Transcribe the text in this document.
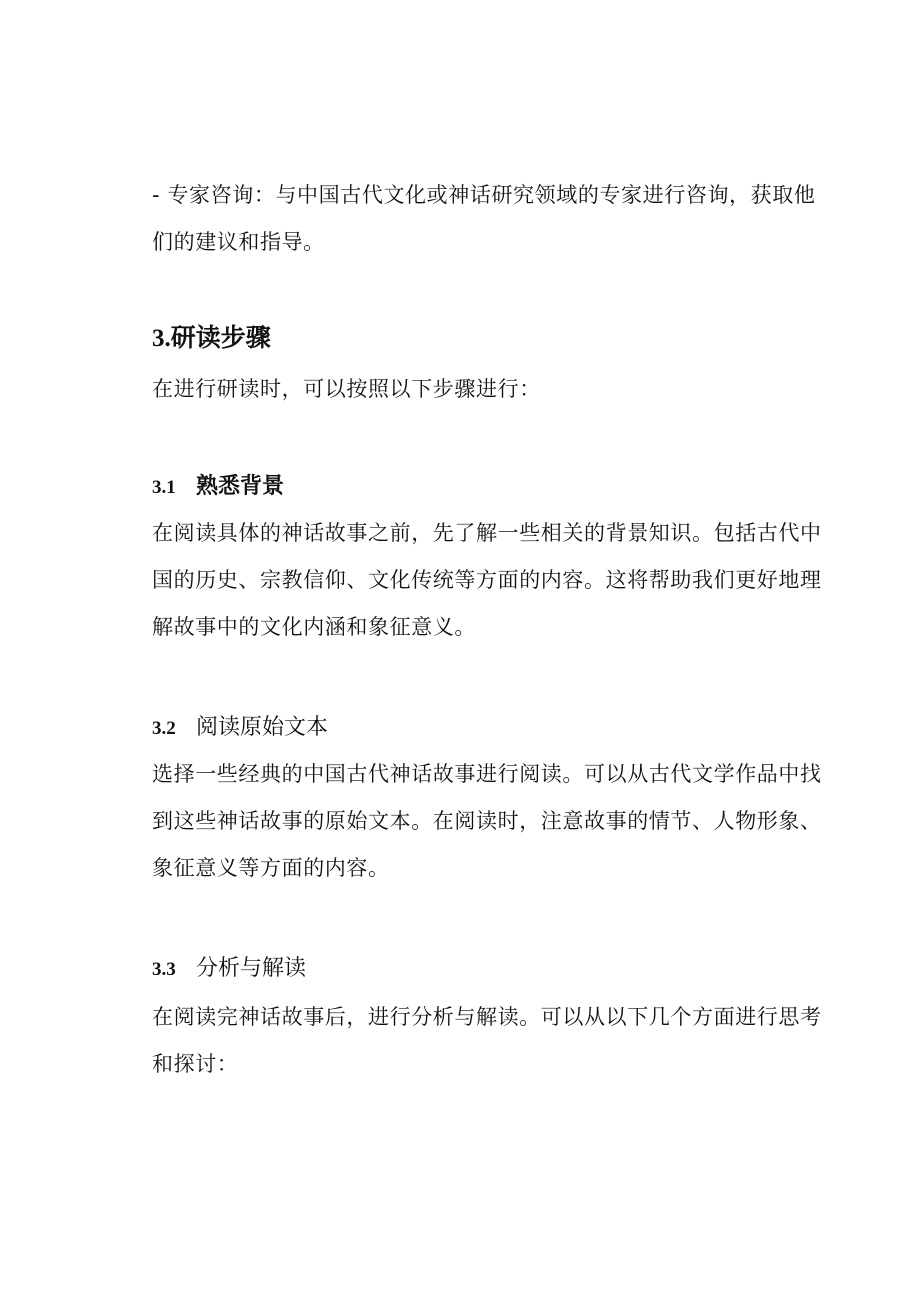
- 专家咨询：与中国古代文化或神话研究领域的专家进行咨询，获取他们的建议和指导。

3.研读步骤

在进行研读时，可以按照以下步骤进行：

3.1 熟悉背景

在阅读具体的神话故事之前，先了解一些相关的背景知识。包括古代中国的历史、宗教信仰、文化传统等方面的内容。这将帮助我们更好地理解故事中的文化内涵和象征意义。

3.2 阅读原始文本

选择一些经典的中国古代神话故事进行阅读。可以从古代文学作品中找到这些神话故事的原始文本。在阅读时，注意故事的情节、人物形象、象征意义等方面的内容。

3.3 分析与解读

在阅读完神话故事后，进行分析与解读。可以从以下几个方面进行思考和探讨：
